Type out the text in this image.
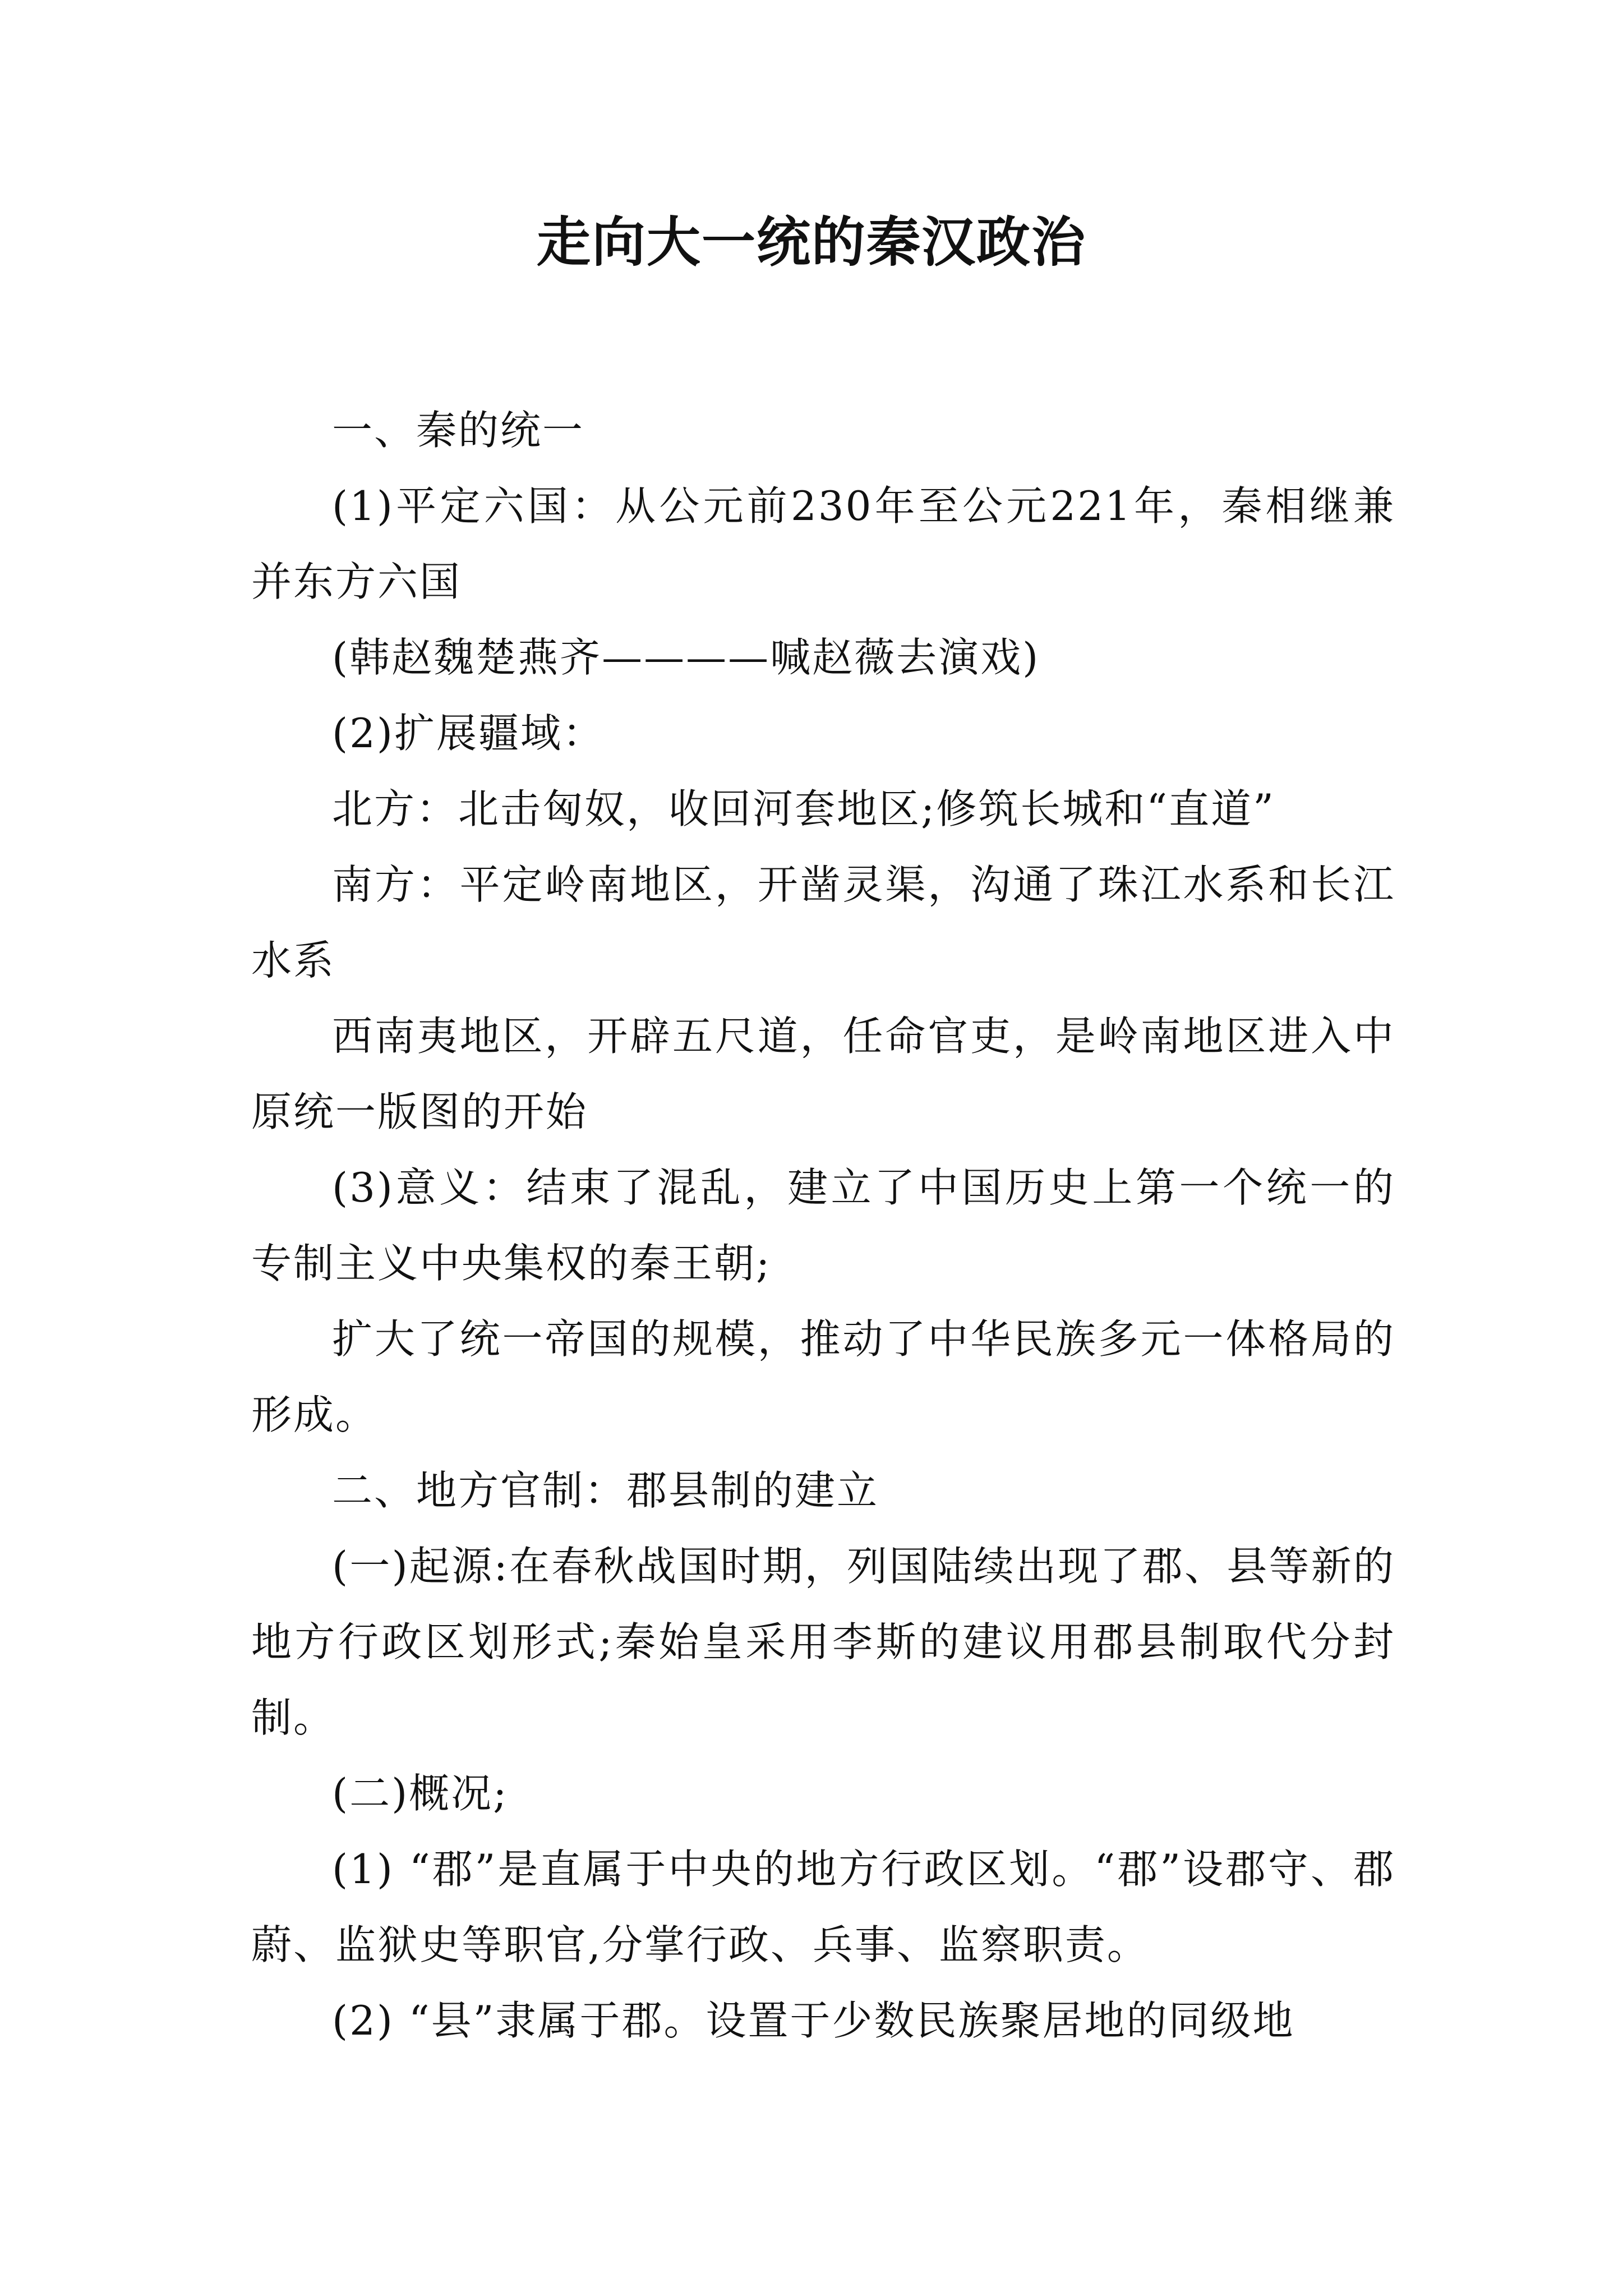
走向大一统的秦汉政治

一、秦的统一

(1)平定六国：从公元前230年至公元221年，秦相继兼并东方六国

(韩赵魏楚燕齐————喊赵薇去演戏)

(2)扩展疆域：

北方：北击匈奴，收回河套地区;修筑长城和“直道”

南方：平定岭南地区，开凿灵渠，沟通了珠江水系和长江水系

西南夷地区，开辟五尺道，任命官吏，是岭南地区进入中原统一版图的开始

(3)意义：结束了混乱，建立了中国历史上第一个统一的专制主义中央集权的秦王朝;

扩大了统一帝国的规模，推动了中华民族多元一体格局的形成。

二、地方官制：郡县制的建立

(一)起源:在春秋战国时期，列国陆续出现了郡、县等新的地方行政区划形式;秦始皇采用李斯的建议用郡县制取代分封制。

(二)概况;

(1) “郡”是直属于中央的地方行政区划。“郡”设郡守、郡蔚、监狱史等职官,分掌行政、兵事、监察职责。

(2) “县”隶属于郡。设置于少数民族聚居地的同级地
